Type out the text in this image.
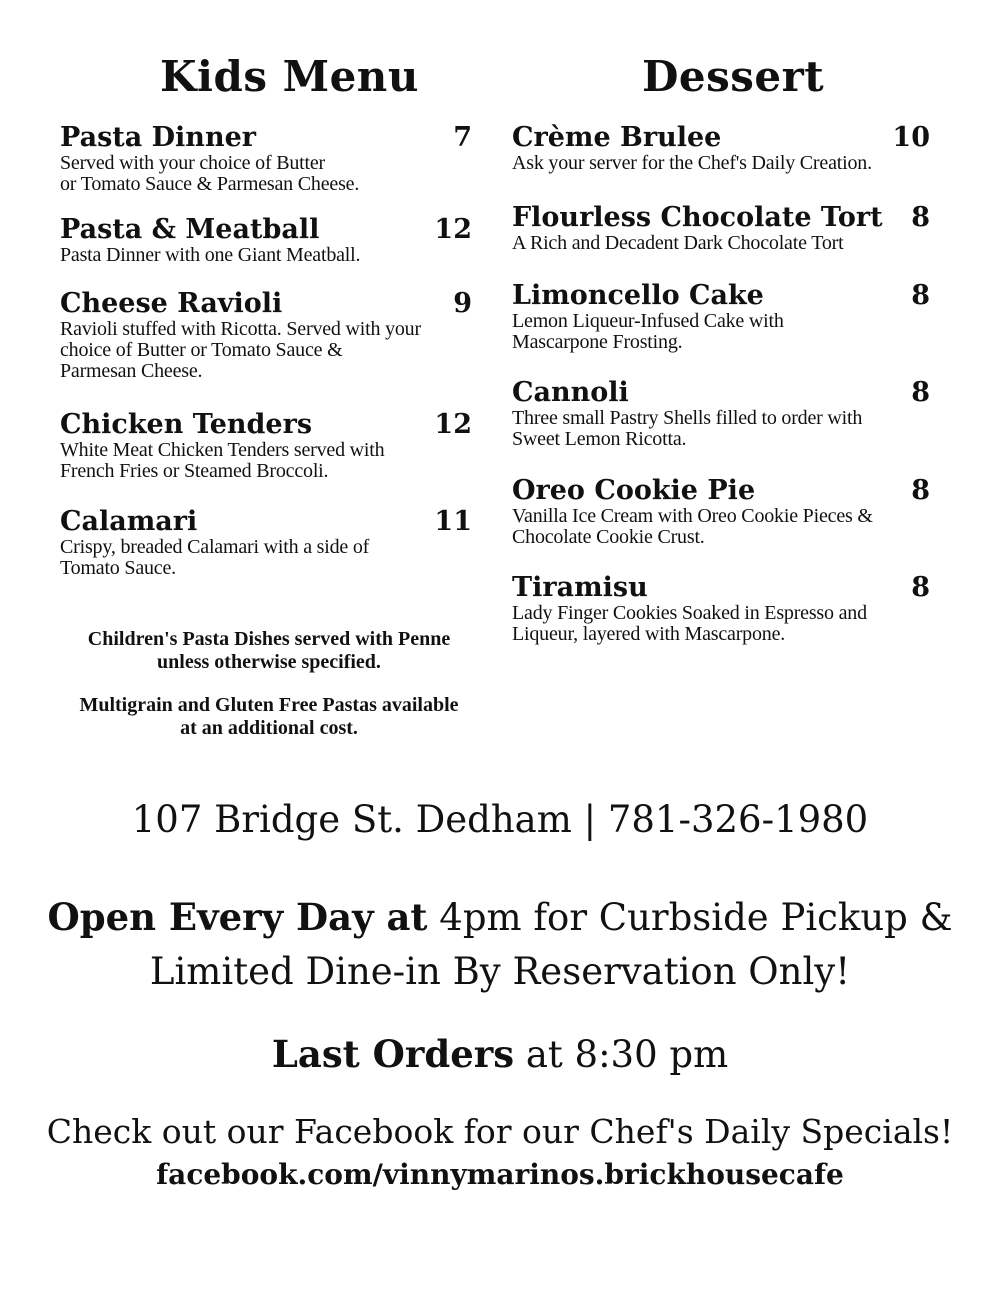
Kids Menu
Pasta Dinner	7
Served with your choice of Butter
or Tomato Sauce & Parmesan Cheese.
Pasta & Meatball	12
Pasta Dinner with one Giant Meatball.
Cheese Ravioli	9
Ravioli stuffed with Ricotta. Served with your
choice of Butter or Tomato Sauce &
Parmesan Cheese.
Chicken Tenders	12
White Meat Chicken Tenders served with
French Fries or Steamed Broccoli.
Calamari	11
Crispy, breaded Calamari with a side of
Tomato Sauce.
Children's Pasta Dishes served with Penne
unless otherwise specified.
Multigrain and Gluten Free Pastas available
at an additional cost.
Dessert
Crème Brulee	10
Ask your server for the Chef's Daily Creation.
Flourless Chocolate Tort 8
A Rich and Decadent Dark Chocolate Tort
Limoncello Cake	8
Lemon Liqueur-Infused Cake with
Mascarpone Frosting.
Cannoli	8
Three small Pastry Shells filled to order with
Sweet Lemon Ricotta.
Oreo Cookie Pie	8
Vanilla Ice Cream with Oreo Cookie Pieces &
Chocolate Cookie Crust.
Tiramisu	8
Lady Finger Cookies Soaked in Espresso and
Liqueur, layered with Mascarpone.

107 Bridge St. Dedham | 781-326-1980

Open Every Day at 4pm for Curbside Pickup &
Limited Dine-in By Reservation Only!

Last Orders at 8:30 pm

Check out our Facebook for our Chef's Daily Specials!

facebook.com/vinnymarinos.brickhousecafe
